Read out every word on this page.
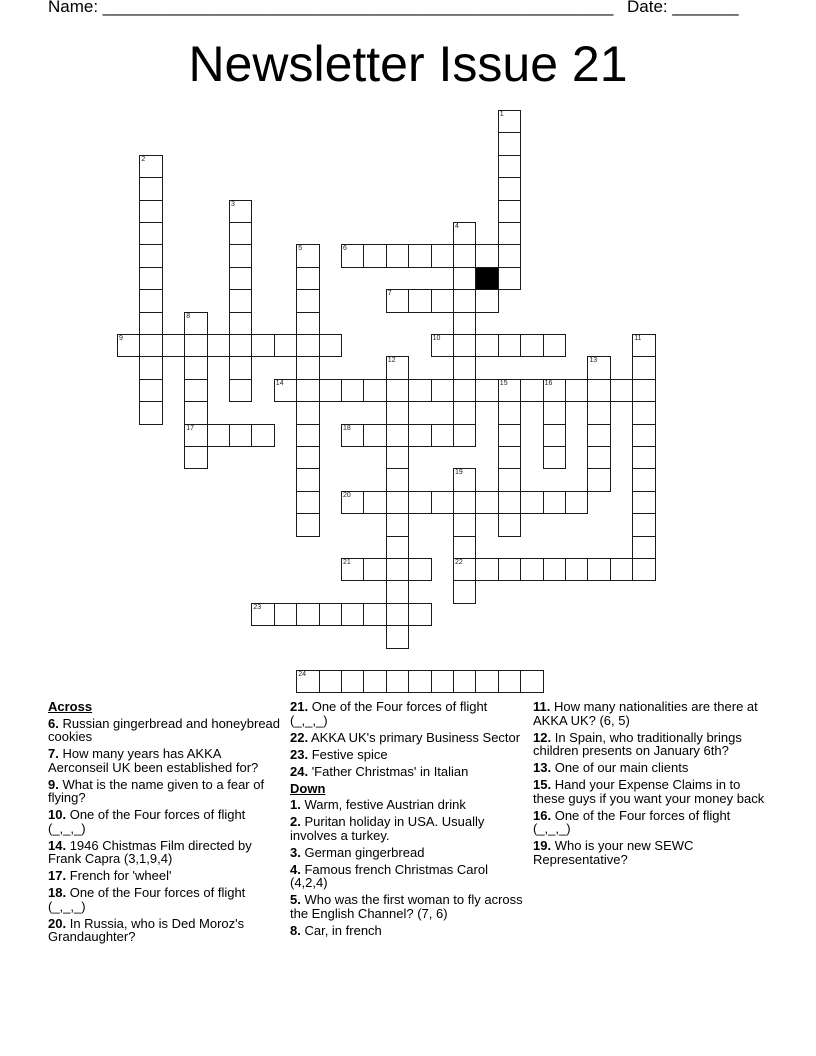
Name: ______________________________________________________ Date: _______
Newsletter Issue 21
1
2
3
4
5	6
7
8
17
9	10	11
12	13
14	15	16
18
19
22
20
21
23
24
Across
6. Russian gingerbread and honeybread cookies
7. How many years has AKKA Aerconseil UK been established for?
9. What is the name given to a fear of flying?
10. One of the Four forces of flight (_,_,_)
14. 1946 Chistmas Film directed by Frank Capra (3,1,9,4)
17. French for 'wheel'
18. One of the Four forces of flight (_,_,_)
20. In Russia, who is Ded Moroz's Grandaughter?
21. One of the Four forces of flight (_,_,_)
22. AKKA UK's primary Business Sector
23. Festive spice
24. 'Father Christmas' in Italian
Down
1. Warm, festive Austrian drink
2. Puritan holiday in USA. Usually involves a turkey.
3. German gingerbread
4. Famous french Christmas Carol (4,2,4)
5. Who was the first woman to fly across the English Channel? (7, 6)
8. Car, in french
11. How many nationalities are there at AKKA UK? (6, 5)
12. In Spain, who traditionally brings children presents on January 6th?
13. One of our main clients
15. Hand your Expense Claims in to these guys if you want your money back
16. One of the Four forces of flight (_,_,_)
19. Who is your new SEWC Representative?
